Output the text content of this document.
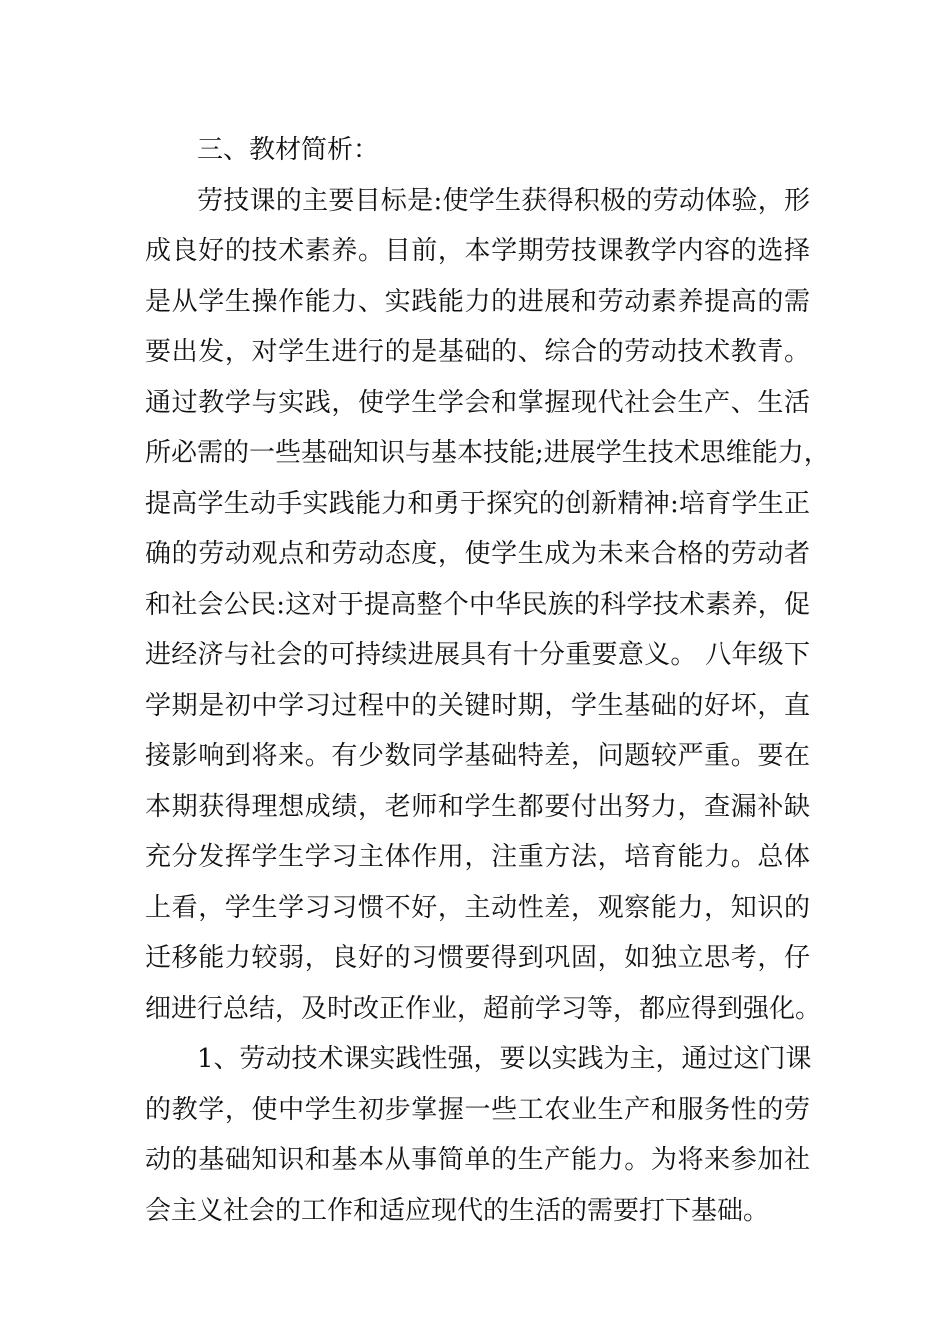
三、教材简析：
劳技课的主要目标是:使学生获得积极的劳动体验，形
成良好的技术素养。目前，本学期劳技课教学内容的选择
是从学生操作能力、实践能力的进展和劳动素养提高的需
要出发，对学生进行的是基础的、综合的劳动技术教青。
通过教学与实践，使学生学会和掌握现代社会生产、生活
所必需的一些基础知识与基本技能;进展学生技术思维能力，
提高学生动手实践能力和勇于探究的创新精神:培育学生正
确的劳动观点和劳动态度，使学生成为未来合格的劳动者
和社会公民:这对于提高整个中华民族的科学技术素养，促
进经济与社会的可持续进展具有十分重要意义。 八年级下
学期是初中学习过程中的关键时期，学生基础的好坏，直
接影响到将来。有少数同学基础特差，问题较严重。要在
本期获得理想成绩，老师和学生都要付出努力，查漏补缺
充分发挥学生学习主体作用，注重方法，培育能力。总体
上看，学生学习习惯不好，主动性差，观察能力，知识的
迁移能力较弱，良好的习惯要得到巩固，如独立思考，仔
细进行总结，及时改正作业，超前学习等，都应得到强化。
1、劳动技术课实践性强，要以实践为主，通过这门课
的教学，使中学生初步掌握一些工农业生产和服务性的劳
动的基础知识和基本从事简单的生产能力。为将来参加社
会主义社会的工作和适应现代的生活的需要打下基础。
